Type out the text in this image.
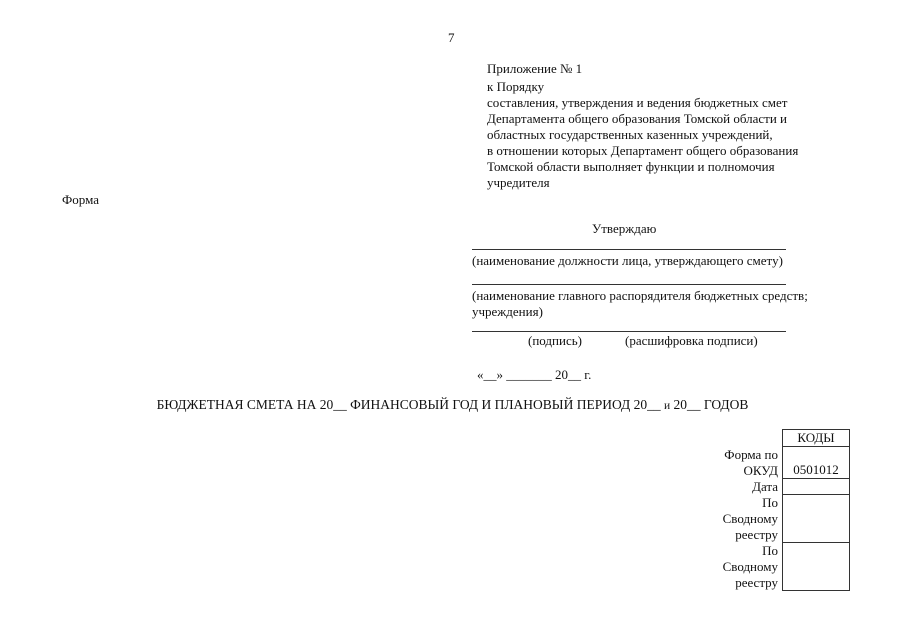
7
Приложение № 1
к Порядку
составления, утверждения и ведения бюджетных смет
Департамента общего образования Томской области и
областных государственных казенных учреждений,
в отношении которых Департамент общего образования
Томской области выполняет функции и полномочия
учредителя
Форма
Утверждаю
(наименование должности лица, утверждающего смету)
(наименование главного распорядителя бюджетных средств;
учреждения)
(подпись)	(расшифровка подписи)
«__» _______ 20__ г.
БЮДЖЕТНАЯ СМЕТА НА 20__ ФИНАНСОВЫЙ ГОД И ПЛАНОВЫЙ ПЕРИОД 20__ и 20__ ГОДОВ
	КОДЫ

Форма по
ОКУД	0501012

Дата	

По
Сводному
реестру	

По
Сводному
реестру	
